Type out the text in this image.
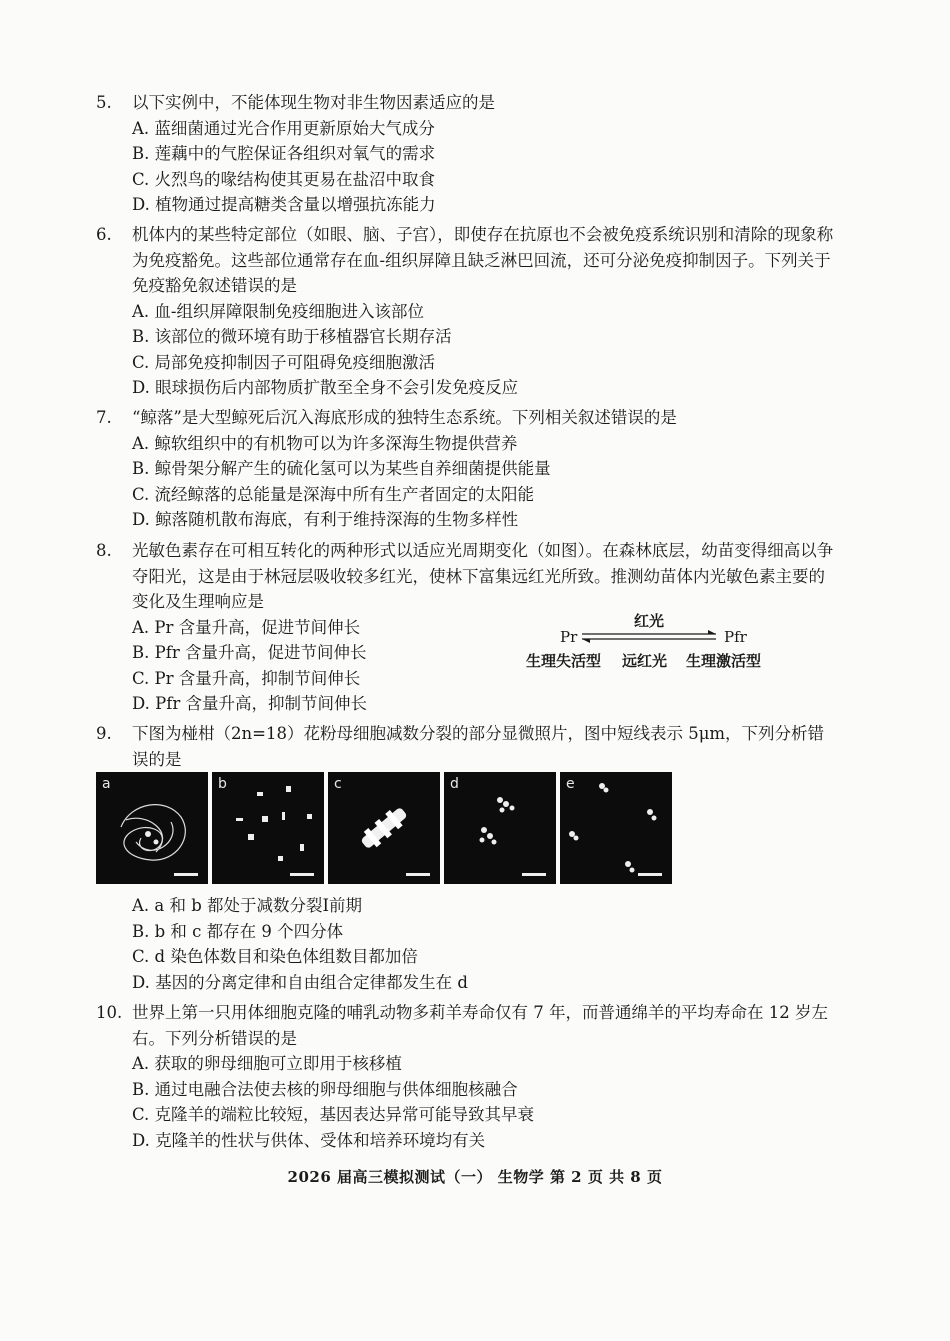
5.	以下实例中，不能体现生物对非生物因素适应的是
A. 蓝细菌通过光合作用更新原始大气成分
B. 莲藕中的气腔保证各组织对氧气的需求
C. 火烈鸟的喙结构使其更易在盐沼中取食
D. 植物通过提高糖类含量以增强抗冻能力
6.	机体内的某些特定部位（如眼、脑、子宫），即使存在抗原也不会被免疫系统识别和清除的现象称为免疫豁免。这些部位通常存在血-组织屏障且缺乏淋巴回流，还可分泌免疫抑制因子。下列关于免疫豁免叙述错误的是
A. 血-组织屏障限制免疫细胞进入该部位
B. 该部位的微环境有助于移植器官长期存活
C. 局部免疫抑制因子可阻碍免疫细胞激活
D. 眼球损伤后内部物质扩散至全身不会引发免疫反应
7.	“鲸落”是大型鲸死后沉入海底形成的独特生态系统。下列相关叙述错误的是
A. 鲸软组织中的有机物可以为许多深海生物提供营养
B. 鲸骨架分解产生的硫化氢可以为某些自养细菌提供能量
C. 流经鲸落的总能量是深海中所有生产者固定的太阳能
D. 鲸落随机散布海底，有利于维持深海的生物多样性
8.	光敏色素存在可相互转化的两种形式以适应光周期变化（如图）。在森林底层，幼苗变得细高以争夺阳光，这是由于林冠层吸收较多红光，使林下富集远红光所致。推测幼苗体内光敏色素主要的变化及生理响应是
A. Pr 含量升高，促进节间伸长
B. Pfr 含量升高，促进节间伸长
C. Pr 含量升高，抑制节间伸长
D. Pfr 含量升高，抑制节间伸长
红光
Pr	Pfr
生理失活型 远红光 生理激活型
9.	下图为椪柑（2n=18）花粉母细胞减数分裂的部分显微照片，图中短线表示 5μm，下列分析错误的是
a	b	c	d	e
A. a 和 b 都处于减数分裂Ⅰ前期
B. b 和 c 都存在 9 个四分体
C. d 染色体数目和染色体组数目都加倍
D. 基因的分离定律和自由组合定律都发生在 d
10. 世界上第一只用体细胞克隆的哺乳动物多莉羊寿命仅有 7 年，而普通绵羊的平均寿命在 12 岁左右。下列分析错误的是
A. 获取的卵母细胞可立即用于核移植
B. 通过电融合法使去核的卵母细胞与供体细胞核融合
C. 克隆羊的端粒比较短，基因表达异常可能导致其早衰
D. 克隆羊的性状与供体、受体和培养环境均有关
2026 届高三模拟测试（一） 生物学 第 2 页 共 8 页
